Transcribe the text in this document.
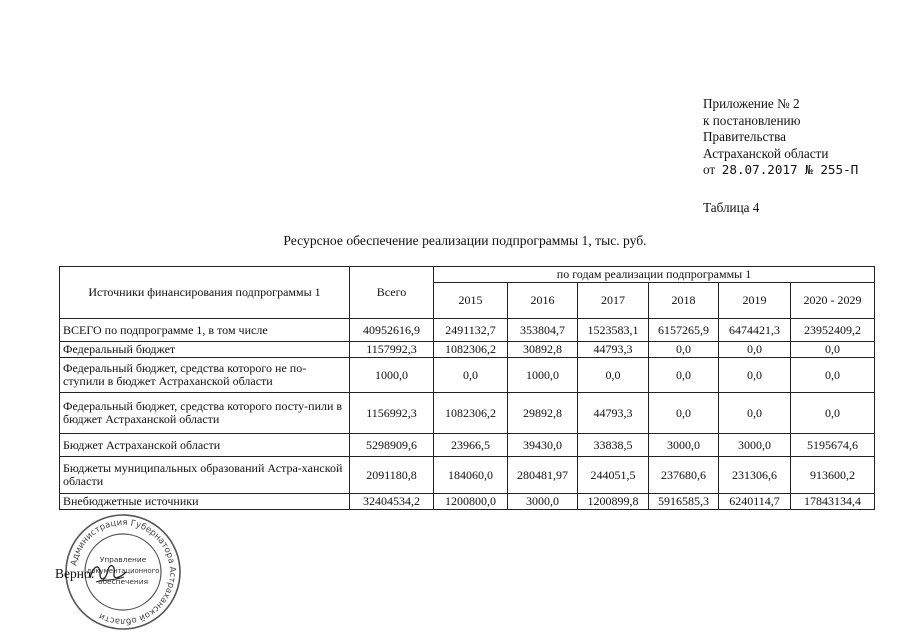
Приложение № 2
к постановлению
Правительства
Астраханской области
от 28.07.2017 № 255-П
Таблица 4
Ресурсное обеспечение реализации подпрограммы 1, тыс. руб.
Источники финансирования подпрограммы 1	Всего	по годам реализации подпрограммы 1					
		2015	2016	2017	2018	2019	2020 - 2029
ВСЕГО по подпрограмме 1, в том числе	40952616,9	2491132,7	353804,7	1523583,1	6157265,9	6474421,3	23952409,2
Федеральный бюджет	1157992,3	1082306,2	30892,8	44793,3	0,0	0,0	0,0
Федеральный бюджет, средства которого не по-ступили в бюджет Астраханской области	1000,0	0,0	1000,0	0,0	0,0	0,0	0,0
Федеральный бюджет, средства которого посту-пили в бюджет Астраханской области	1156992,3	1082306,2	29892,8	44793,3	0,0	0,0	0,0
Бюджет Астраханской области	5298909,6	23966,5	39430,0	33838,5	3000,0	3000,0	5195674,6
Бюджеты муниципальных образований Астра-ханской области	2091180,8	184060,0	280481,97	244051,5	237680,6	231306,6	913600,2
Внебюджетные источники	32404534,2	1200800,0	3000,0	1200899,8	5916585,3	6240114,7	17843134,4
Администрация Губернатора Астраханской области
Управление
документационного
обеспечения
Верно:
